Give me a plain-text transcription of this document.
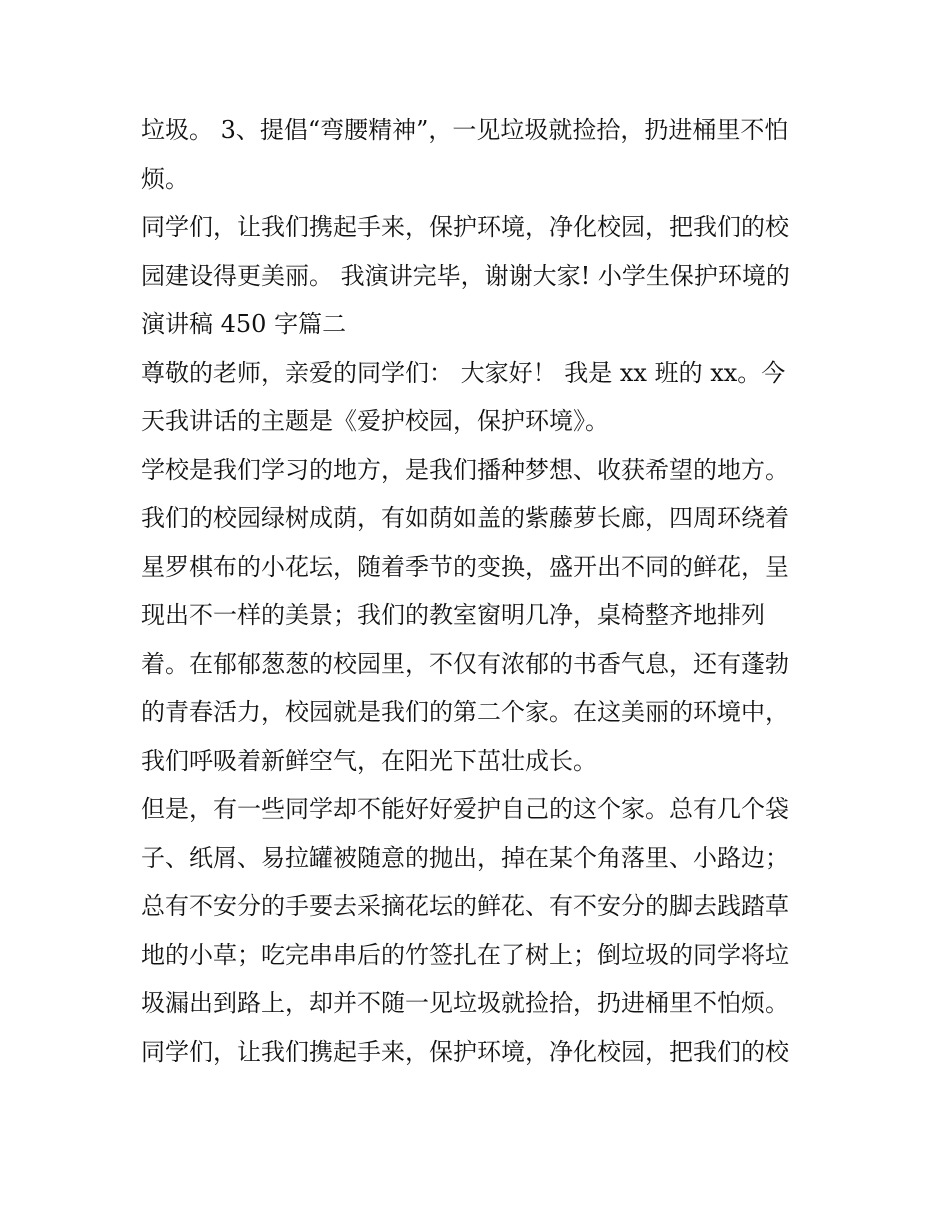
垃圾。 3、提倡“弯腰精神”，一见垃圾就捡拾，扔进桶里不怕
烦。
同学们，让我们携起手来，保护环境，净化校园，把我们的校
园建设得更美丽。 我演讲完毕，谢谢大家! 小学生保护环境的
演讲稿 450 字篇二
尊敬的老师，亲爱的同学们： 大家好！ 我是 xx 班的 xx。今
天我讲话的主题是《爱护校园，保护环境》。
学校是我们学习的地方，是我们播种梦想、收获希望的地方。
我们的校园绿树成荫，有如荫如盖的紫藤萝长廊，四周环绕着
星罗棋布的小花坛，随着季节的变换，盛开出不同的鲜花，呈
现出不一样的美景；我们的教室窗明几净，桌椅整齐地排列
着。在郁郁葱葱的校园里，不仅有浓郁的书香气息，还有蓬勃
的青春活力，校园就是我们的第二个家。在这美丽的环境中，
我们呼吸着新鲜空气，在阳光下茁壮成长。
但是，有一些同学却不能好好爱护自己的这个家。总有几个袋
子、纸屑、易拉罐被随意的抛出，掉在某个角落里、小路边；
总有不安分的手要去采摘花坛的鲜花、有不安分的脚去践踏草
地的小草；吃完串串后的竹签扎在了树上；倒垃圾的同学将垃
圾漏出到路上，却并不随一见垃圾就捡拾，扔进桶里不怕烦。
同学们，让我们携起手来，保护环境，净化校园，把我们的校
